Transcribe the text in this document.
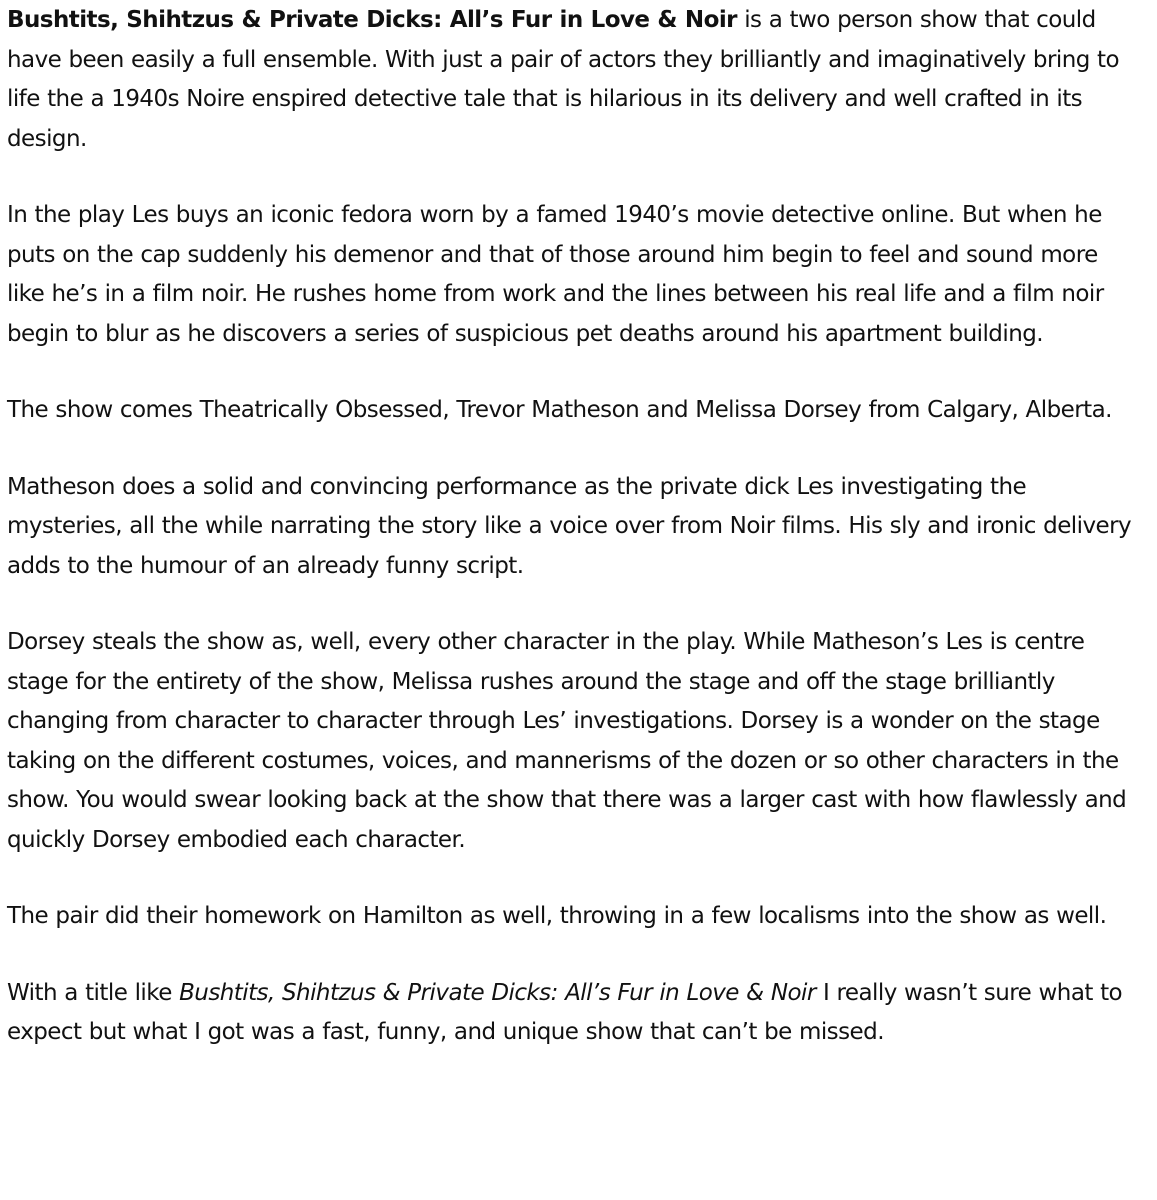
Bushtits, Shihtzus & Private Dicks: All’s Fur in Love & Noir is a two person show that could have been easily a full ensemble. With just a pair of actors they brilliantly and imaginatively bring to life the a 1940s Noire enspired detective tale that is hilarious in its delivery and well crafted in its design.

In the play Les buys an iconic fedora worn by a famed 1940’s movie detective online. But when he puts on the cap suddenly his demenor and that of those around him begin to feel and sound more like he’s in a film noir. He rushes home from work and the lines between his real life and a film noir begin to blur as he discovers a series of suspicious pet deaths around his apartment building.

The show comes Theatrically Obsessed, Trevor Matheson and Melissa Dorsey from Calgary, Alberta.

Matheson does a solid and convincing performance as the private dick Les investigating the mysteries, all the while narrating the story like a voice over from Noir films. His sly and ironic delivery adds to the humour of an already funny script.

Dorsey steals the show as, well, every other character in the play. While Matheson’s Les is centre stage for the entirety of the show, Melissa rushes around the stage and off the stage brilliantly changing from character to character through Les’ investigations. Dorsey is a wonder on the stage taking on the different costumes, voices, and mannerisms of the dozen or so other characters in the show. You would swear looking back at the show that there was a larger cast with how flawlessly and quickly Dorsey embodied each character.

The pair did their homework on Hamilton as well, throwing in a few localisms into the show as well.

With a title like Bushtits, Shihtzus & Private Dicks: All’s Fur in Love & Noir I really wasn’t sure what to expect but what I got was a fast, funny, and unique show that can’t be missed.
